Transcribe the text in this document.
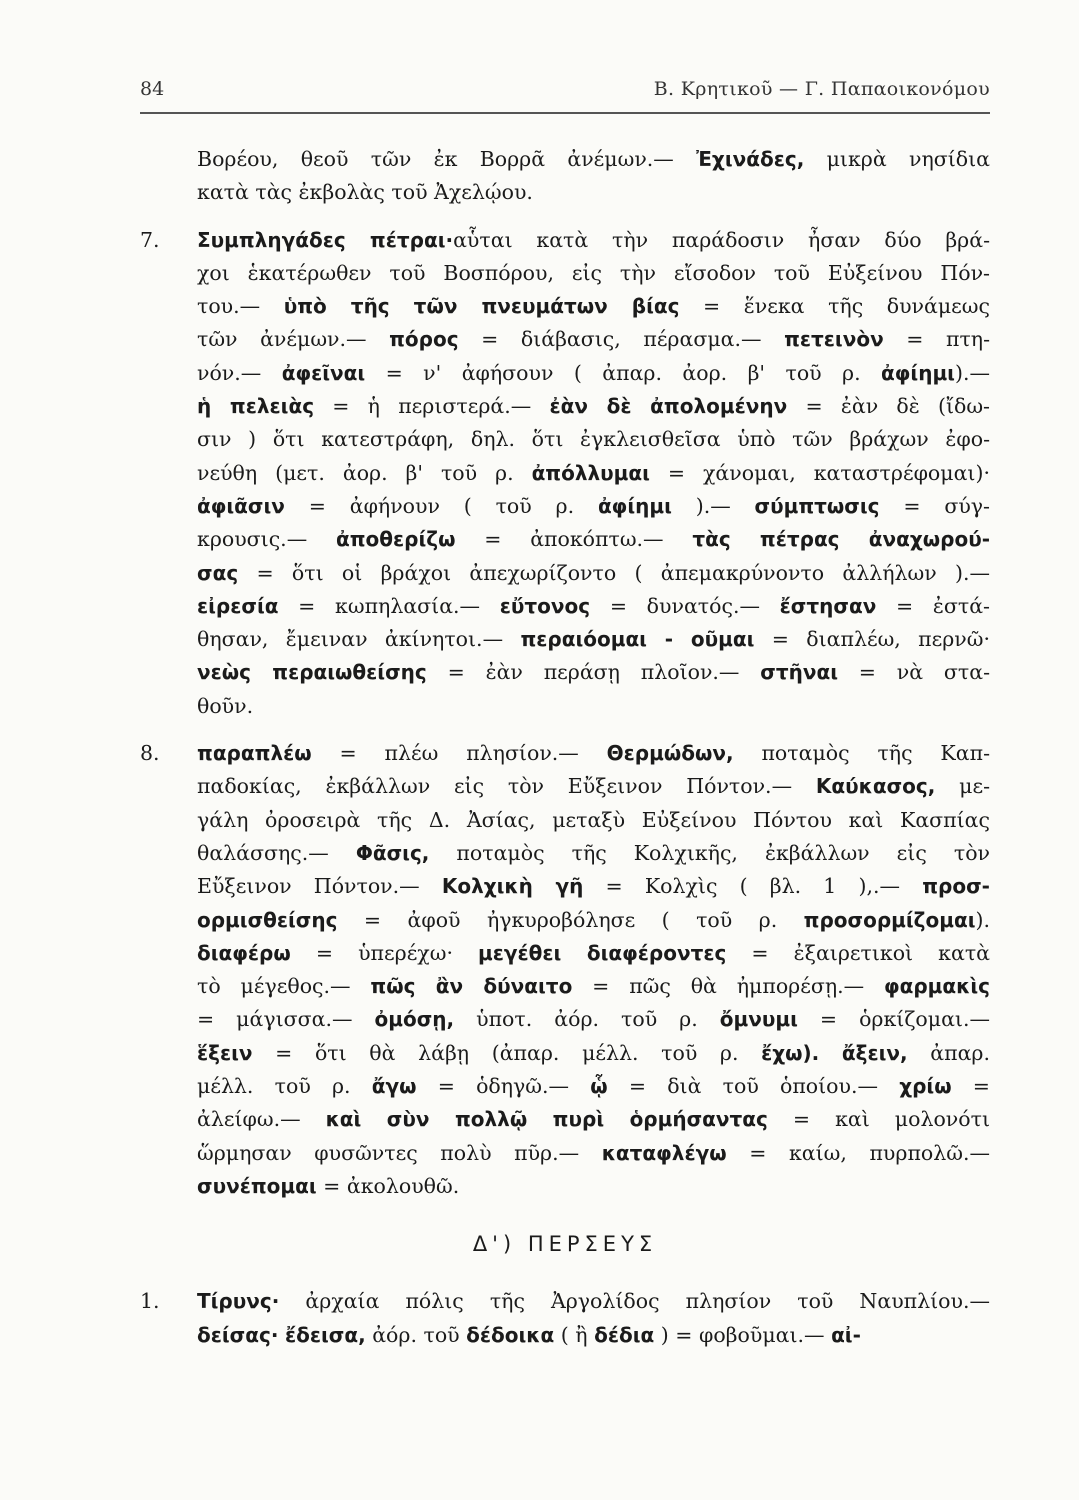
84	Β. Κρητικοῦ — Γ. Παπαοικονόμου
Βορέου, θεοῦ τῶν ἐκ Βορρᾶ ἀνέμων.— Ἐχινάδες, μικρὰ νησίδια
κατὰ τὰς ἐκβολὰς τοῦ Ἀχελῴου.
7. Συμπληγάδες πέτραι·αὗται κατὰ τὴν παράδοσιν ἦσαν δύο βρά-
χοι ἑκατέρωθεν τοῦ Βοσπόρου, εἰς τὴν εἴσοδον τοῦ Εὐξείνου Πόν-
του.— ὑπὸ τῆς τῶν πνευμάτων βίας = ἕνεκα τῆς δυνάμεως
τῶν ἀνέμων.— πόρος = διάβασις, πέρασμα.— πετεινὸν = πτη-
νόν.— ἀφεῖναι = ν' ἀφήσουν ( ἀπαρ. ἀορ. β' τοῦ ρ. ἀφίημι).—
ἡ πελειὰς = ἡ περιστερά.— ἐὰν δὲ ἀπολομένην = ἐὰν δὲ (ἴδω-
σιν ) ὅτι κατεστράφη, δηλ. ὅτι ἐγκλεισθεῖσα ὑπὸ τῶν βράχων ἐφο-
νεύθη (μετ. ἀορ. β' τοῦ ρ. ἀπόλλυμαι = χάνομαι, καταστρέφομαι)·
ἀφιᾶσιν = ἀφήνουν ( τοῦ ρ. ἀφίημι ).— σύμπτωσις = σύγ-
κρουσις.— ἀποθερίζω = ἀποκόπτω.— τὰς πέτρας ἀναχωρού-
σας = ὅτι οἱ βράχοι ἀπεχωρίζοντο ( ἀπεμακρύνοντο ἀλλήλων ).—
εἰρεσία = κωπηλασία.— εὔτονος = δυνατός.— ἔστησαν = ἐστά-
θησαν, ἔμειναν ἀκίνητοι.— περαιόομαι - οῦμαι = διαπλέω, περνῶ·
νεὼς περαιωθείσης = ἐὰν περάσῃ πλοῖον.— στῆναι = νὰ στα-
θοῦν.
8. παραπλέω = πλέω πλησίον.— Θερμώδων, ποταμὸς τῆς Καπ-
παδοκίας, ἐκβάλλων εἰς τὸν Εὔξεινον Πόντον.— Καύκασος, με-
γάλη ὀροσειρὰ τῆς Δ. Ἀσίας, μεταξὺ Εὐξείνου Πόντου καὶ Κασπίας
θαλάσσης.— Φᾶσις, ποταμὸς τῆς Κολχικῆς, ἐκβάλλων εἰς τὸν
Εὔξεινον Πόντον.— Κολχικὴ γῆ = Κολχὶς ( βλ. 1 ),.— προσ-
ορμισθείσης = ἀφοῦ ἠγκυροβόλησε ( τοῦ ρ. προσορμίζομαι).
διαφέρω = ὑπερέχω· μεγέθει διαφέροντες = ἐξαιρετικοὶ κατὰ
τὸ μέγεθος.— πῶς ἂν δύναιτο = πῶς θὰ ἠμπορέσῃ.— φαρμακὶς
= μάγισσα.— ὀμόσῃ, ὑποτ. ἀόρ. τοῦ ρ. ὄμνυμι = ὁρκίζομαι.—
ἕξειν = ὅτι θὰ λάβῃ (ἀπαρ. μέλλ. τοῦ ρ. ἔχω). ἄξειν, ἀπαρ.
μέλλ. τοῦ ρ. ἄγω = ὁδηγῶ.— ᾧ = διὰ τοῦ ὁποίου.— χρίω =
ἀλείφω.— καὶ σὺν πολλῷ πυρὶ ὁρμήσαντας = καὶ μολονότι
ὥρμησαν φυσῶντες πολὺ πῦρ.— καταφλέγω = καίω, πυρπολῶ.—
συνέπομαι = ἀκολουθῶ.
Δ') ΠΕΡΣΕΥΣ
1. Τίρυνς· ἀρχαία πόλις τῆς Ἀργολίδος πλησίον τοῦ Ναυπλίου.—
δείσας· ἔδεισα, ἀόρ. τοῦ δέδοικα ( ἢ δέδια ) = φοβοῦμαι.— αἰ-
